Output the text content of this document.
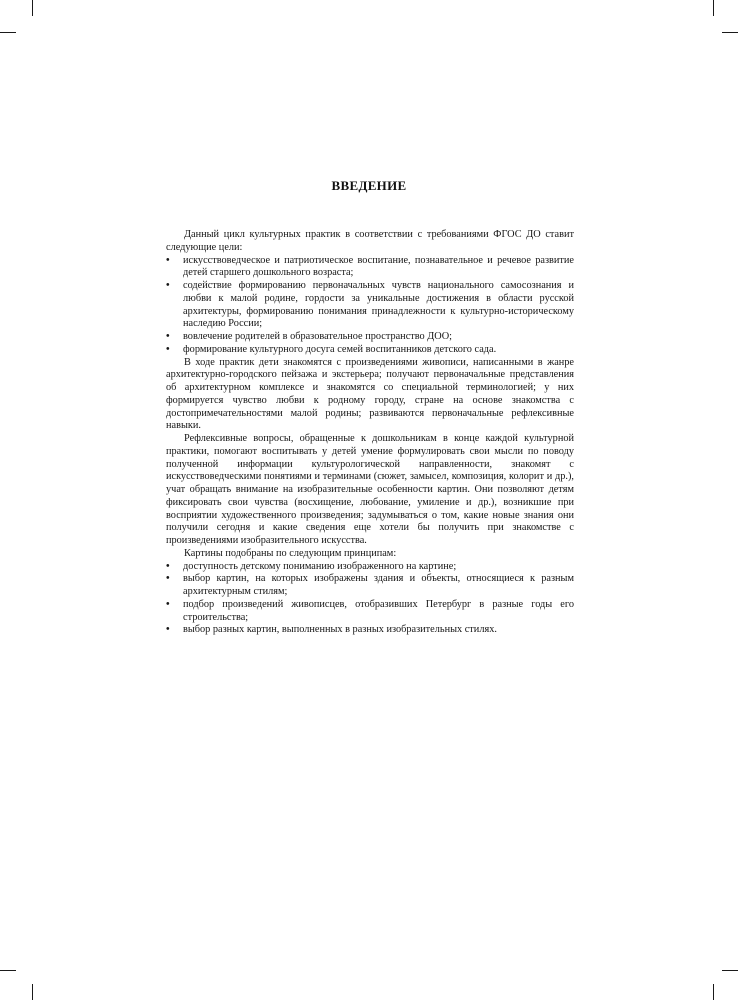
ВВЕДЕНИЕ

Данный цикл культурных практик в соответствии с требованиями ФГОС ДО ставит следующие цели:

•	искусствоведческое и патриотическое воспитание, познавательное и речевое развитие детей старшего дошкольного возраста;
•	содействие формированию первоначальных чувств национального самосознания и любви к малой родине, гордости за уникальные достижения в области русской архитектуры, формированию понимания принадлежности к культурно-историческому наследию России;
•	вовлечение родителей в образовательное пространство ДОО;
•	формирование культурного досуга семей воспитанников детского сада.

В ходе практик дети знакомятся с произведениями живописи, написанными в жанре архитектурно-городского пейзажа и экстерьера; получают первоначальные представления об архитектурном комплексе и знакомятся со специальной терминологией; у них формируется чувство любви к родному городу, стране на основе знакомства с достопримечательностями малой родины; развиваются первоначальные рефлексивные навыки.

Рефлексивные вопросы, обращенные к дошкольникам в конце каждой культурной практики, помогают воспитывать у детей умение формулировать свои мысли по поводу полученной информации культурологической направленности, знакомят с искусствоведческими понятиями и терминами (сюжет, замысел, композиция, колорит и др.), учат обращать внимание на изобразительные особенности картин. Они позволяют детям фиксировать свои чувства (восхищение, любование, умиление и др.), возникшие при восприятии художественного произведения; задумываться о том, какие новые знания они получили сегодня и какие сведения еще хотели бы получить при знакомстве с произведениями изобразительного искусства.

Картины подобраны по следующим принципам:

•	доступность детскому пониманию изображенного на картине;
•	выбор картин, на которых изображены здания и объекты, относящиеся к разным архитектурным стилям;
•	подбор произведений живописцев, отобразивших Петербург в разные годы его строительства;
•	выбор разных картин, выполненных в разных изобразительных стилях.
